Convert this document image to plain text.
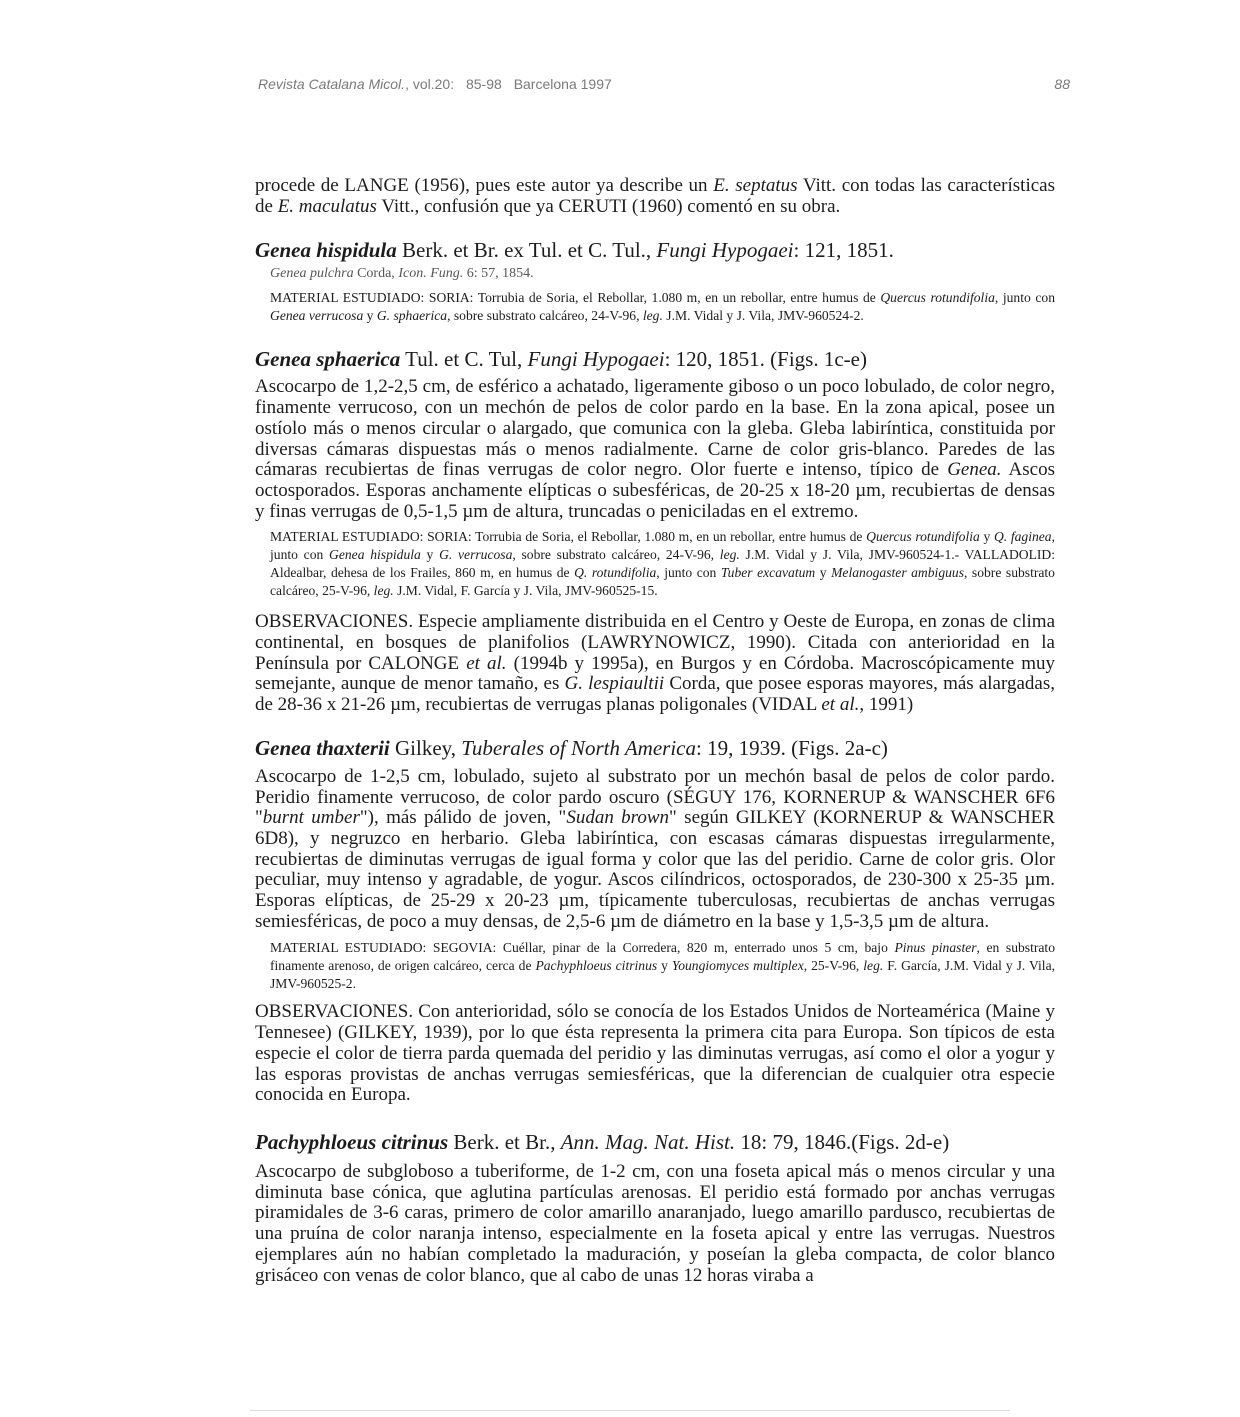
Revista Catalana Micol., vol.20: 85-98 Barcelona 1997	88

procede de LANGE (1956), pues este autor ya describe un E. septatus Vitt. con todas las características de E. maculatus Vitt., confusión que ya CERUTI (1960) comentó en su obra.

Genea hispidula Berk. et Br. ex Tul. et C. Tul., Fungi Hypogaei: 121, 1851.

Genea pulchra Corda, Icon. Fung. 6: 57, 1854.

MATERIAL ESTUDIADO: SORIA: Torrubia de Soria, el Rebollar, 1.080 m, en un rebollar, entre humus de Quercus rotundifolia, junto con Genea verrucosa y G. sphaerica, sobre substrato calcáreo, 24-V-96, leg. J.M. Vidal y J. Vila, JMV-960524-2.

Genea sphaerica Tul. et C. Tul, Fungi Hypogaei: 120, 1851. (Figs. 1c-e)

Ascocarpo de 1,2-2,5 cm, de esférico a achatado, ligeramente giboso o un poco lobulado, de color negro, finamente verrucoso, con un mechón de pelos de color pardo en la base. En la zona apical, posee un ostíolo más o menos circular o alargado, que comunica con la gleba. Gleba labiríntica, constituida por diversas cámaras dispuestas más o menos radialmente. Carne de color gris-blanco. Paredes de las cámaras recubiertas de finas verrugas de color negro. Olor fuerte e intenso, típico de Genea. Ascos octosporados. Esporas anchamente elípticas o subesféricas, de 20-25 x 18-20 µm, recubiertas de densas y finas verrugas de 0,5-1,5 µm de altura, truncadas o peniciladas en el extremo.

MATERIAL ESTUDIADO: SORIA: Torrubia de Soria, el Rebollar, 1.080 m, en un rebollar, entre humus de Quercus rotundifolia y Q. faginea, junto con Genea hispidula y G. verrucosa, sobre substrato calcáreo, 24-V-96, leg. J.M. Vidal y J. Vila, JMV-960524-1.- VALLADOLID: Aldealbar, dehesa de los Frailes, 860 m, en humus de Q. rotundifolia, junto con Tuber excavatum y Melanogaster ambiguus, sobre substrato calcáreo, 25-V-96, leg. J.M. Vidal, F. García y J. Vila, JMV-960525-15.

OBSERVACIONES. Especie ampliamente distribuida en el Centro y Oeste de Europa, en zonas de clima continental, en bosques de planifolios (LAWRYNOWICZ, 1990). Citada con anterioridad en la Península por CALONGE et al. (1994b y 1995a), en Burgos y en Córdoba. Macroscópicamente muy semejante, aunque de menor tamaño, es G. lespiaultii Corda, que posee esporas mayores, más alargadas, de 28-36 x 21-26 µm, recubiertas de verrugas planas poligonales (VIDAL et al., 1991)

Genea thaxterii Gilkey, Tuberales of North America: 19, 1939. (Figs. 2a-c)

Ascocarpo de 1-2,5 cm, lobulado, sujeto al substrato por un mechón basal de pelos de color pardo. Peridio finamente verrucoso, de color pardo oscuro (SÉGUY 176, KORNERUP & WANSCHER 6F6 "burnt umber"), más pálido de joven, "Sudan brown" según GILKEY (KORNERUP & WANSCHER 6D8), y negruzco en herbario. Gleba labiríntica, con escasas cámaras dispuestas irregularmente, recubiertas de diminutas verrugas de igual forma y color que las del peridio. Carne de color gris. Olor peculiar, muy intenso y agradable, de yogur. Ascos cilíndricos, octosporados, de 230-300 x 25-35 µm. Esporas elípticas, de 25-29 x 20-23 µm, típicamente tuberculosas, recubiertas de anchas verrugas semiesféricas, de poco a muy densas, de 2,5-6 µm de diámetro en la base y 1,5-3,5 µm de altura.

MATERIAL ESTUDIADO: SEGOVIA: Cuéllar, pinar de la Corredera, 820 m, enterrado unos 5 cm, bajo Pinus pinaster, en substrato finamente arenoso, de origen calcáreo, cerca de Pachyphloeus citrinus y Youngiomyces multiplex, 25-V-96, leg. F. García, J.M. Vidal y J. Vila, JMV-960525-2.

OBSERVACIONES. Con anterioridad, sólo se conocía de los Estados Unidos de Norteamérica (Maine y Tennesee) (GILKEY, 1939), por lo que ésta representa la primera cita para Europa. Son típicos de esta especie el color de tierra parda quemada del peridio y las diminutas verrugas, así como el olor a yogur y las esporas provistas de anchas verrugas semiesféricas, que la diferencian de cualquier otra especie conocida en Europa.

Pachyphloeus citrinus Berk. et Br., Ann. Mag. Nat. Hist. 18: 79, 1846.(Figs. 2d-e)

Ascocarpo de subgloboso a tuberiforme, de 1-2 cm, con una foseta apical más o menos circular y una diminuta base cónica, que aglutina partículas arenosas. El peridio está formado por anchas verrugas piramidales de 3-6 caras, primero de color amarillo anaranjado, luego amarillo pardusco, recubiertas de una pruína de color naranja intenso, especialmente en la foseta apical y entre las verrugas. Nuestros ejemplares aún no habían completado la maduración, y poseían la gleba compacta, de color blanco grisáceo con venas de color blanco, que al cabo de unas 12 horas viraba a
